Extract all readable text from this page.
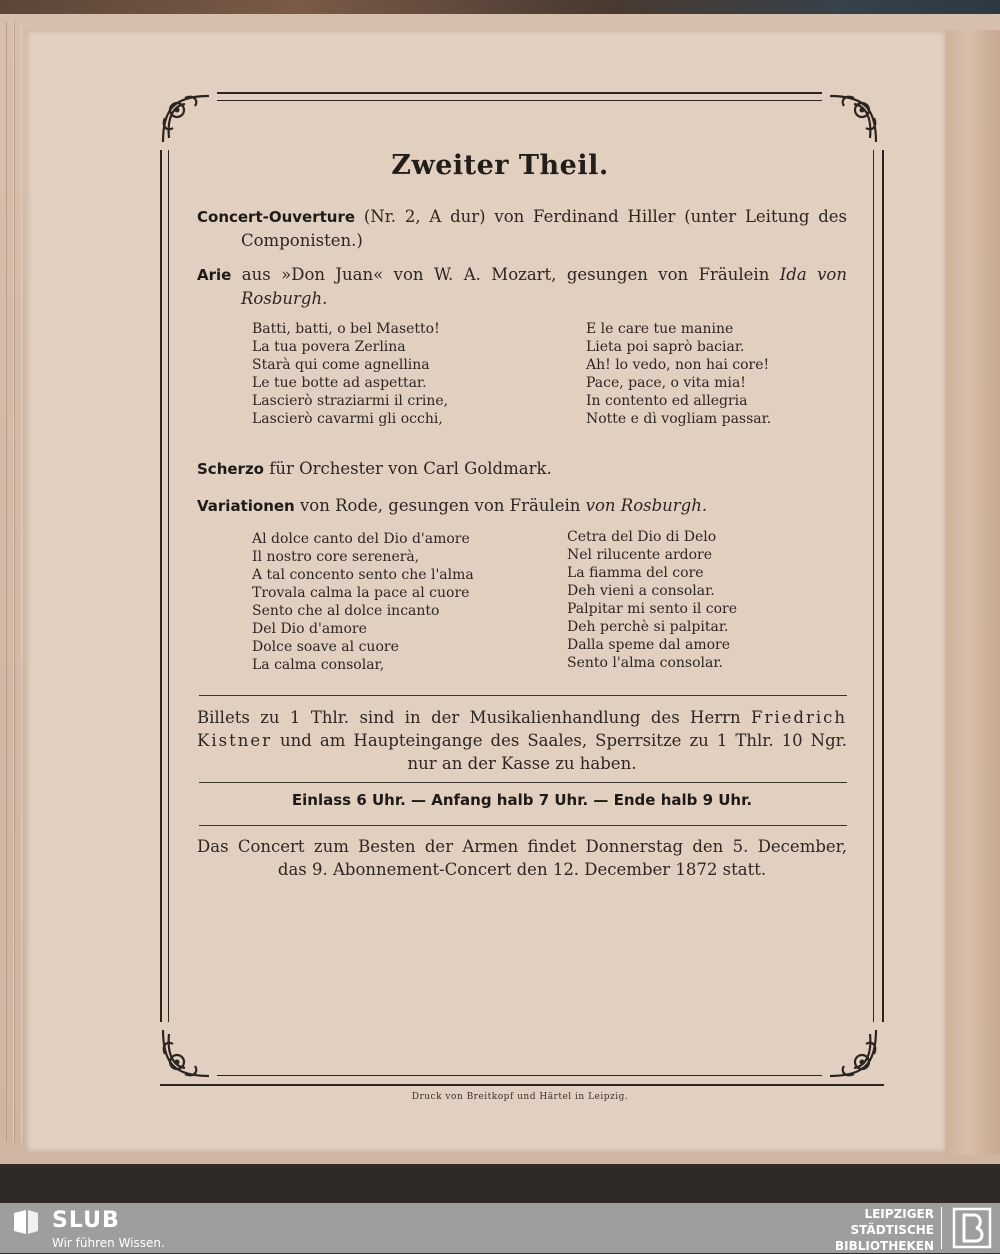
Zweiter Theil.
Concert-Ouverture (Nr. 2, A dur) von Ferdinand Hiller (unter Leitung des Componisten.)
Arie aus »Don Juan« von W. A. Mozart, gesungen von Fräulein Ida von Rosburgh.
Batti, batti, o bel Masetto!
La tua povera Zerlina
Starà qui come agnellina
Le tue botte ad aspettar.
Lascierò straziarmi il crine,
Lascierò cavarmi gli occhi,
E le care tue manine
Lieta poi saprò baciar.
Ah! lo vedo, non hai core!
Pace, pace, o vita mia!
In contento ed allegria
Notte e dì vogliam passar.
Scherzo für Orchester von Carl Goldmark.
Variationen von Rode, gesungen von Fräulein von Rosburgh.
Al dolce canto del Dio d'amore
Il nostro core serenerà,
A tal concento sento che l'alma
Trovala calma la pace al cuore
Sento che al dolce incanto
Del Dio d'amore
Dolce soave al cuore
La calma consolar,
Cetra del Dio di Delo
Nel rilucente ardore
La fiamma del core
Deh vieni a consolar.
Palpitar mi sento il core
Deh perchè si palpitar.
Dalla speme dal amore
Sento l'alma consolar.
Billets zu 1 Thlr. sind in der Musikalienhandlung des Herrn Friedrich
Kistner und am Haupteingange des Saales, Sperrsitze zu 1 Thlr. 10 Ngr.
nur an der Kasse zu haben.
Einlass 6 Uhr. — Anfang halb 7 Uhr. — Ende halb 9 Uhr.
Das Concert zum Besten der Armen findet Donnerstag den 5. December,
das 9. Abonnement-Concert den 12. December 1872 statt.
Druck von Breitkopf und Härtel in Leipzig.
SLUB
Wir führen Wissen.
LEIPZIGER
STÄDTISCHE
BIBLIOTHEKEN
